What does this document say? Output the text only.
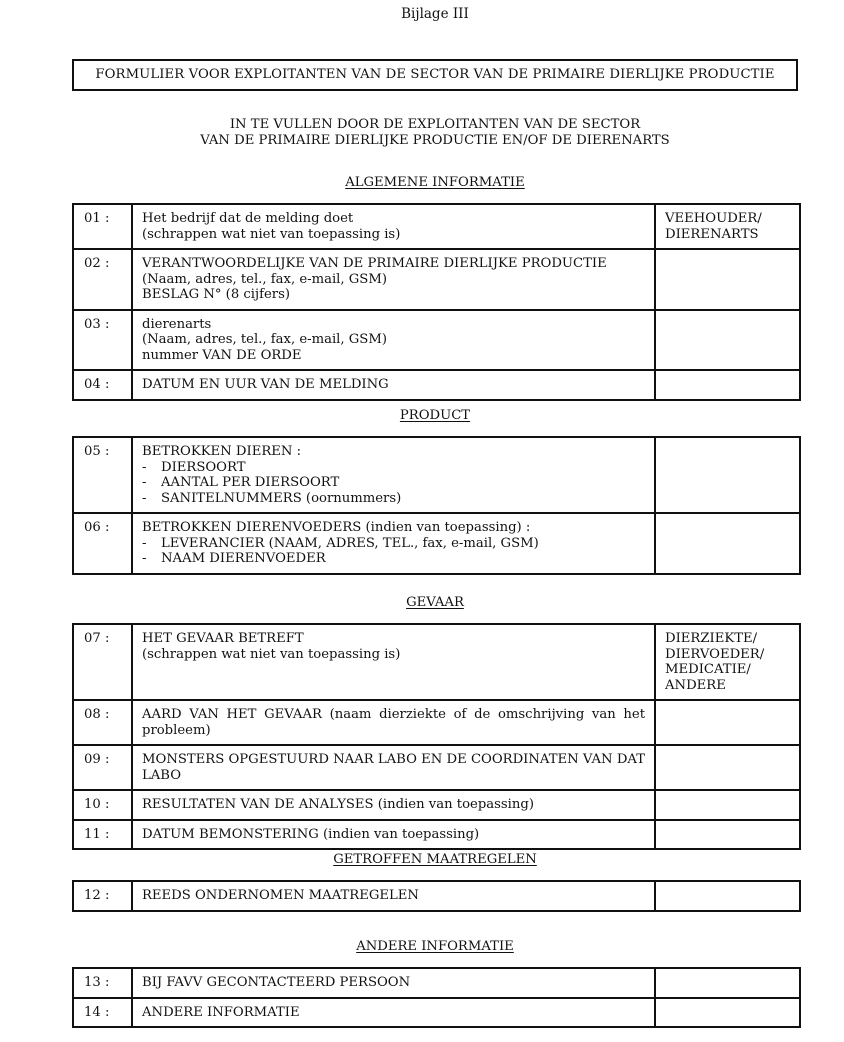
Bijlage III
FORMULIER VOOR EXPLOITANTEN VAN DE SECTOR VAN DE PRIMAIRE DIERLIJKE PRODUCTIE
IN TE VULLEN DOOR DE EXPLOITANTEN VAN DE SECTOR
VAN DE PRIMAIRE DIERLIJKE PRODUCTIE EN/OF DE DIERENARTS
ALGEMENE INFORMATIE
01 :	Het bedrijf dat de melding doet
(schrappen wat niet van toepassing is)	VEEHOUDER/
DIERENARTS

02 :	VERANTWOORDELIJKE VAN DE PRIMAIRE DIERLIJKE PRODUCTIE
(Naam, adres, tel., fax, e-mail, GSM)
BESLAG N° (8 cijfers)	

03 :	dierenarts
(Naam, adres, tel., fax, e-mail, GSM)
nummer VAN DE ORDE	

04 :	DATUM EN UUR VAN DE MELDING	

PRODUCT
05 :	BETROKKEN DIEREN :
- DIERSOORT
- AANTAL PER DIERSOORT
- SANITELNUMMERS (oornummers)

06 :	BETROKKEN DIERENVOEDERS (indien van toepassing) :
- LEVERANCIER (NAAM, ADRES, TEL., fax, e-mail, GSM)
- NAAM DIERENVOEDER

GEVAAR
07 :	HET GEVAAR BETREFT
(schrappen wat niet van toepassing is)	DIERZIEKTE/
DIERVOEDER/
MEDICATIE/
ANDERE

08 :	AARD VAN HET GEVAAR (naam dierziekte of de omschrijving van het probleem)	
09 :	MONSTERS OPGESTUURD NAAR LABO EN DE COORDINATEN VAN DAT LABO	
10 :	RESULTATEN VAN DE ANALYSES (indien van toepassing)	
11 :	DATUM BEMONSTERING (indien van toepassing)	
GETROFFEN MAATREGELEN
12 :	REEDS ONDERNOMEN MAATREGELEN	
ANDERE INFORMATIE
13 :	BIJ FAVV GECONTACTEERD PERSOON	
14 :	ANDERE INFORMATIE	
